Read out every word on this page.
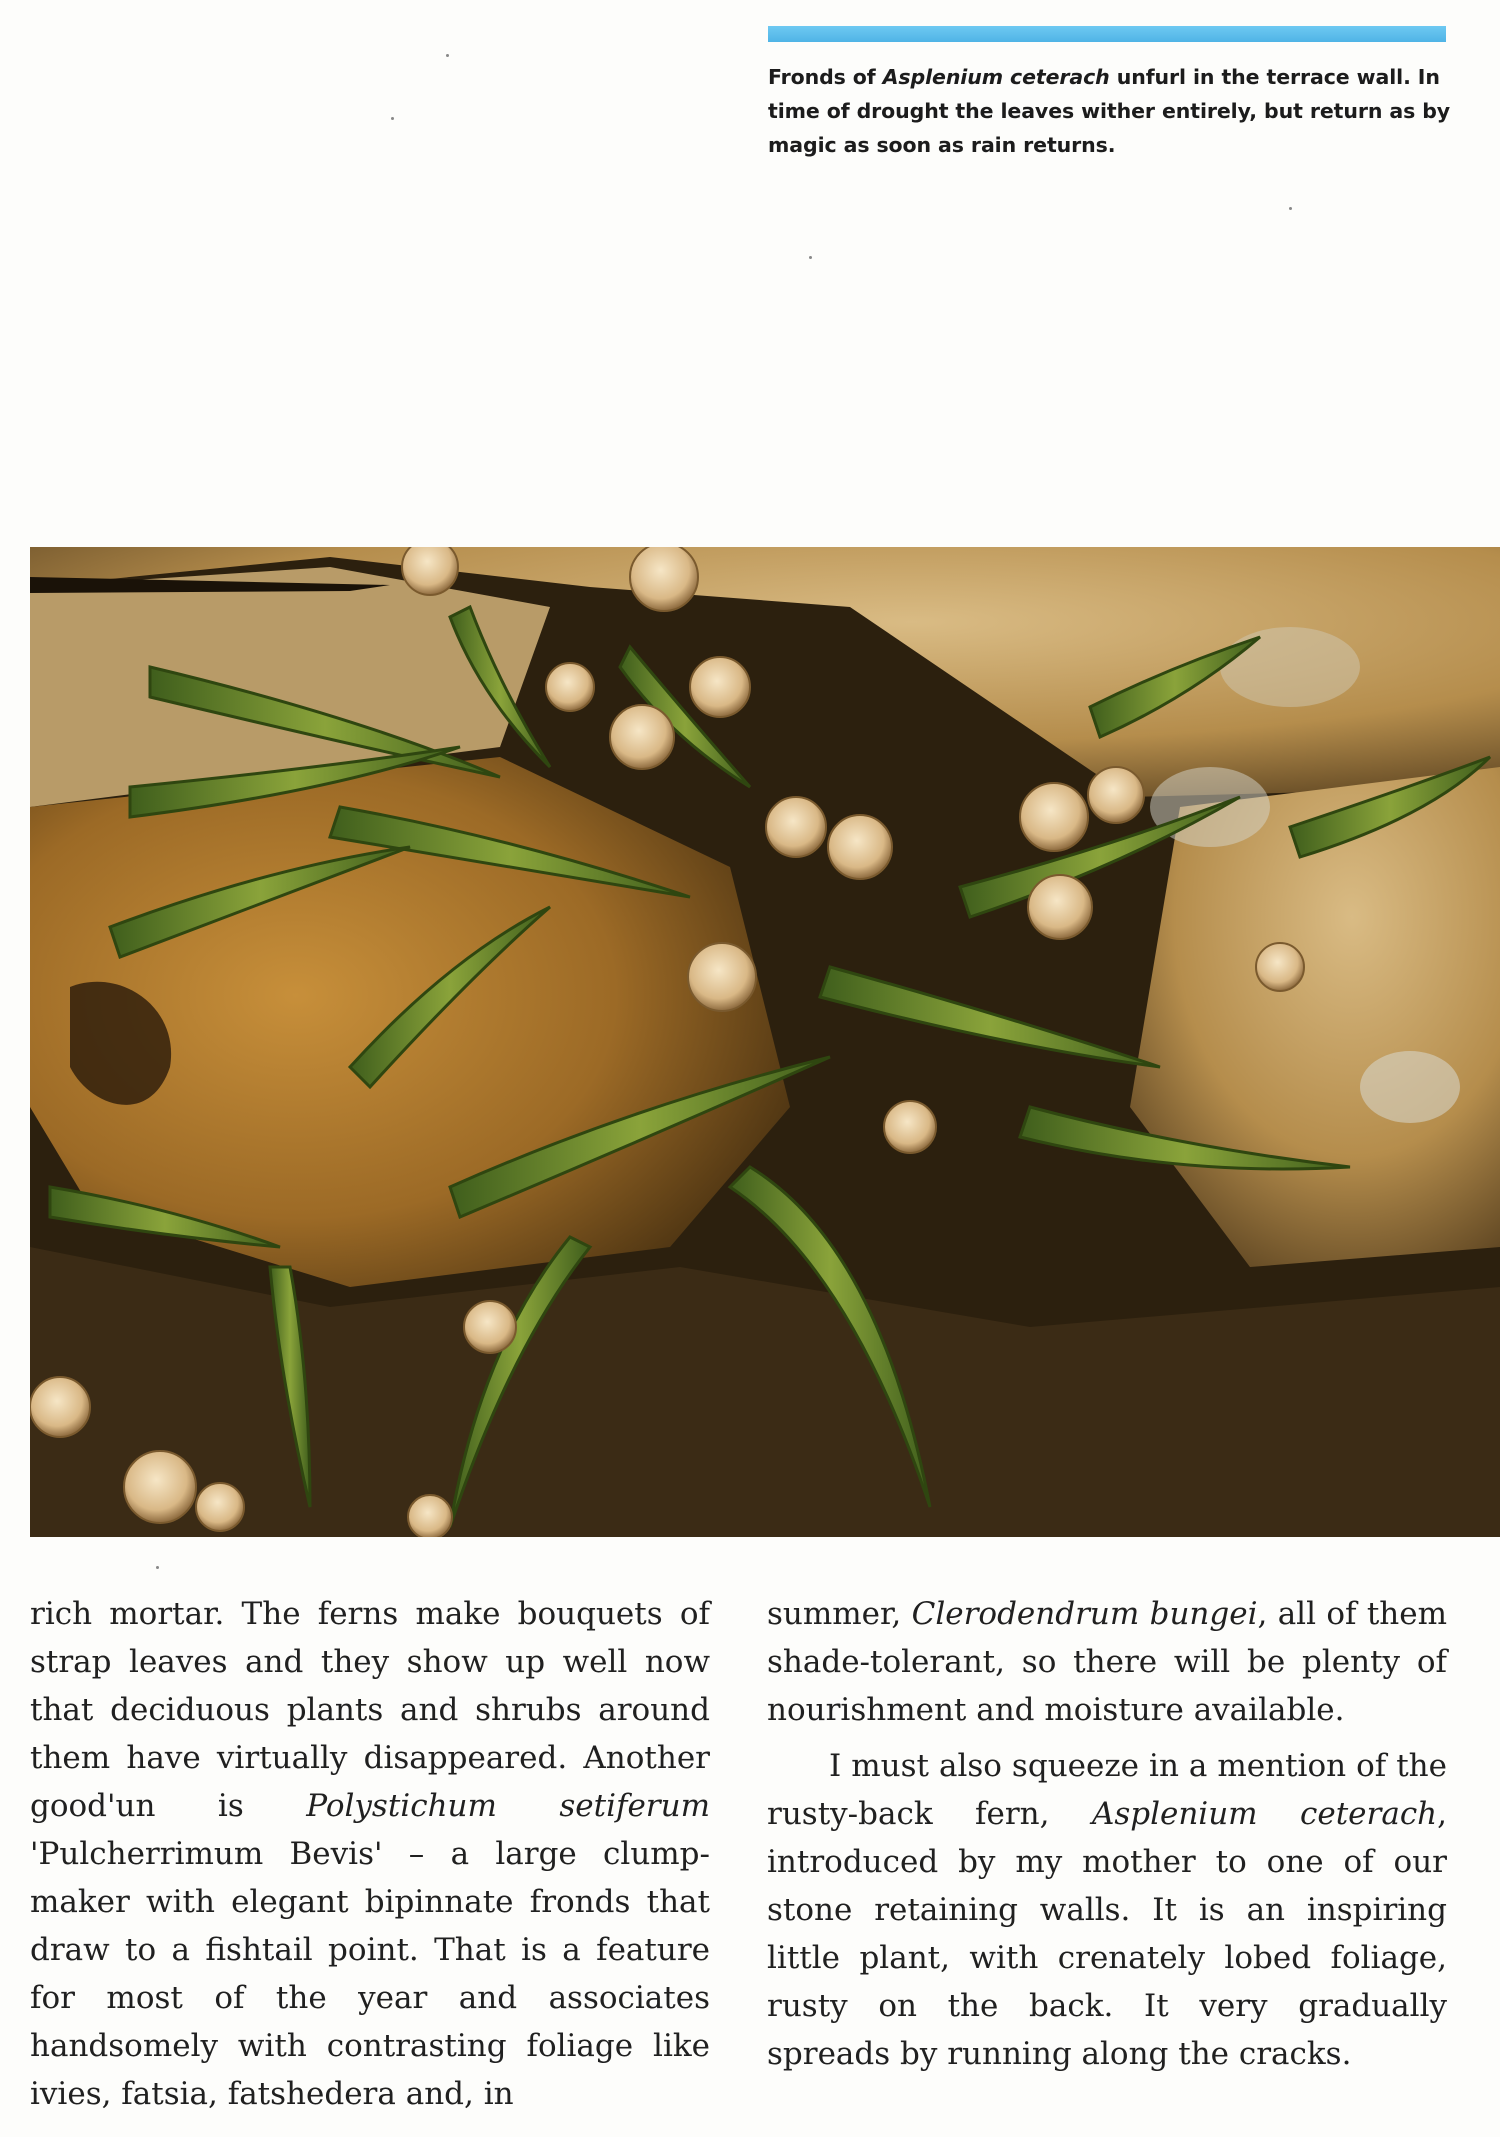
Fronds of Asplenium ceterach unfurl in the terrace wall. In time of drought the leaves wither entirely, but return as by magic as soon as rain returns.

rich mortar. The ferns make bouquets of strap leaves and they show up well now that deciduous plants and shrubs around them have virtually disappeared. Another good'un is Polystichum setiferum 'Pulcherrimum Bevis' – a large clump-maker with elegant bipinnate fronds that draw to a fishtail point. That is a feature for most of the year and associates handsomely with contrasting foliage like ivies, fatsia, fatshedera and, in

summer, Clerodendrum bungei, all of them shade-tolerant, so there will be plenty of nourishment and moisture available.

I must also squeeze in a mention of the rusty-back fern, Asplenium ceterach, introduced by my mother to one of our stone retaining walls. It is an inspiring little plant, with crenately lobed foliage, rusty on the back. It very gradually spreads by running along the cracks.
